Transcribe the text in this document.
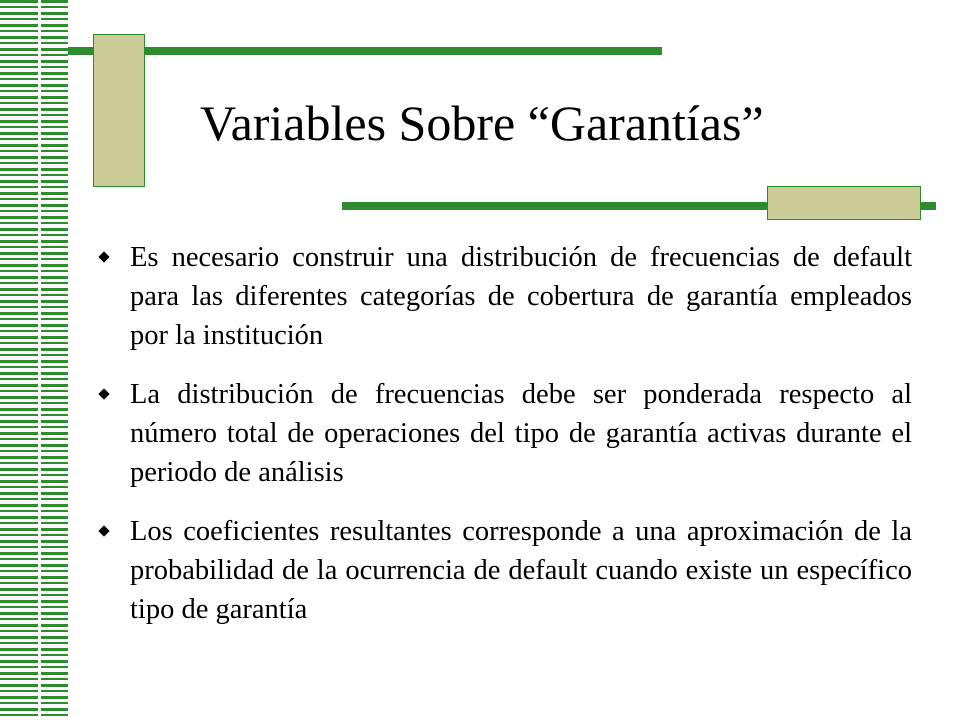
Variables Sobre “Garantías”
Es necesario construir una distribución de frecuencias de default para las diferentes categorías de cobertura de garantía empleados por la institución
La distribución de frecuencias debe ser ponderada respecto al número total de operaciones del tipo de garantía activas durante el periodo de análisis
Los coeficientes resultantes corresponde a una aproximación de la probabilidad de la ocurrencia de default cuando existe un específico tipo de garantía
